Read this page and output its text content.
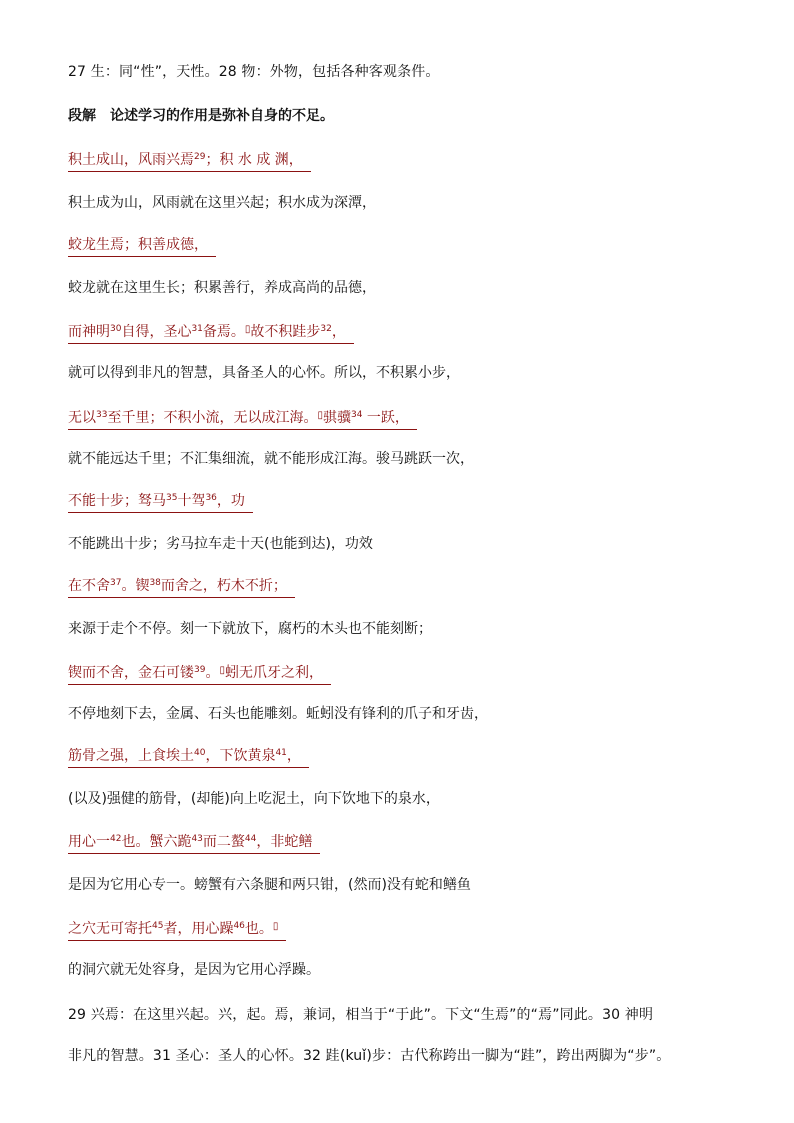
27 生：同“性”，天性。28 物：外物，包括各种客观条件。
段解　论述学习的作用是弥补自身的不足。
积土成山，风雨兴焉$^{29}$；积 水 成 渊，
积土成为山，风雨就在这里兴起；积水成为深潭，
蛟龙生焉；积善成德，
蛟龙就在这里生长；积累善行，养成高尚的品德，
而神明$^{30}$自得，圣心$^{31}$备焉。▯故不积跬步$^{32}$，
就可以得到非凡的智慧，具备圣人的心怀。所以，不积累小步，
无以$^{33}$至千里；不积小流，无以成江海。▯骐骥$^{34}$ 一跃，
就不能远达千里；不汇集细流，就不能形成江海。骏马跳跃一次，
不能十步；驽马$^{35}$十驾$^{36}$，功
不能跳出十步；劣马拉车走十天(也能到达)，功效
在不舍$^{37}$。锲$^{38}$而舍之，朽木不折；
来源于走个不停。刻一下就放下，腐朽的木头也不能刻断；
锲而不舍，金石可镂$^{39}$。▯蚓无爪牙之利，
不停地刻下去，金属、石头也能雕刻。蚯蚓没有锋利的爪子和牙齿，
筋骨之强，上食埃土$^{40}$，下饮黄泉$^{41}$，
(以及)强健的筋骨，(却能)向上吃泥土，向下饮地下的泉水，
用心一$^{42}$也。蟹六跪$^{43}$而二螯$^{44}$，非蛇鳝
是因为它用心专一。螃蟹有六条腿和两只钳，(然而)没有蛇和鳝鱼
之穴无可寄托$^{45}$者，用心躁$^{46}$也。▯
的洞穴就无处容身，是因为它用心浮躁。
29 兴焉：在这里兴起。兴，起。焉，兼词，相当于“于此”。下文“生焉”的“焉”同此。30 神明
非凡的智慧。31 圣心：圣人的心怀。32 跬(kuǐ)步：古代称跨出一脚为“跬”，跨出两脚为“步”。
